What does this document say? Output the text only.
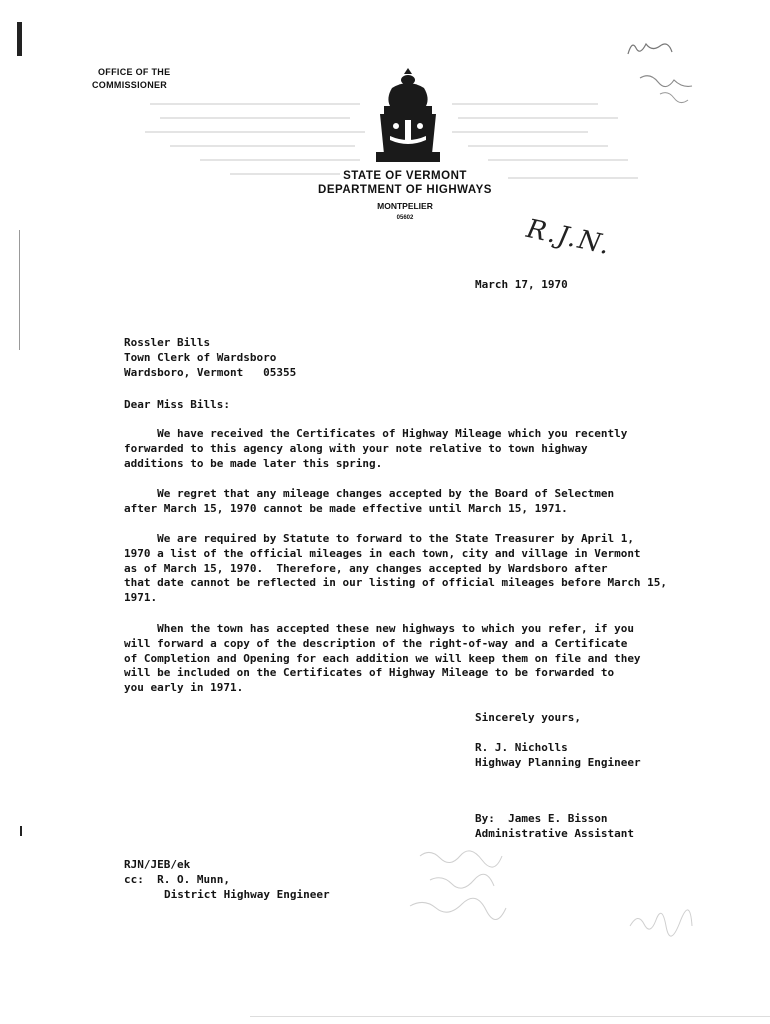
OFFICE OF THE
COMMISSIONER
STATE OF VERMONT
DEPARTMENT OF HIGHWAYS
MONTPELIER
05602	R.J.N.
March 17, 1970
Rossler Bills
Town Clerk of Wardsboro
Wardsboro, Vermont   05355
Dear Miss Bills:
We have received the Certificates of Highway Mileage which you recently
forwarded to this agency along with your note relative to town highway
additions to be made later this spring.
We regret that any mileage changes accepted by the Board of Selectmen
after March 15, 1970 cannot be made effective until March 15, 1971.
We are required by Statute to forward to the State Treasurer by April 1,
1970 a list of the official mileages in each town, city and village in Vermont
as of March 15, 1970.  Therefore, any changes accepted by Wardsboro after
that date cannot be reflected in our listing of official mileages before March 15,
1971.
When the town has accepted these new highways to which you refer, if you
will forward a copy of the description of the right-of-way and a Certificate
of Completion and Opening for each addition we will keep them on file and they
will be included on the Certificates of Highway Mileage to be forwarded to
you early in 1971.
Sincerely yours,
R. J. Nicholls
Highway Planning Engineer
By:  James E. Bisson
Administrative Assistant
RJN/JEB/ek
cc: R. O. Munn,
District Highway Engineer
